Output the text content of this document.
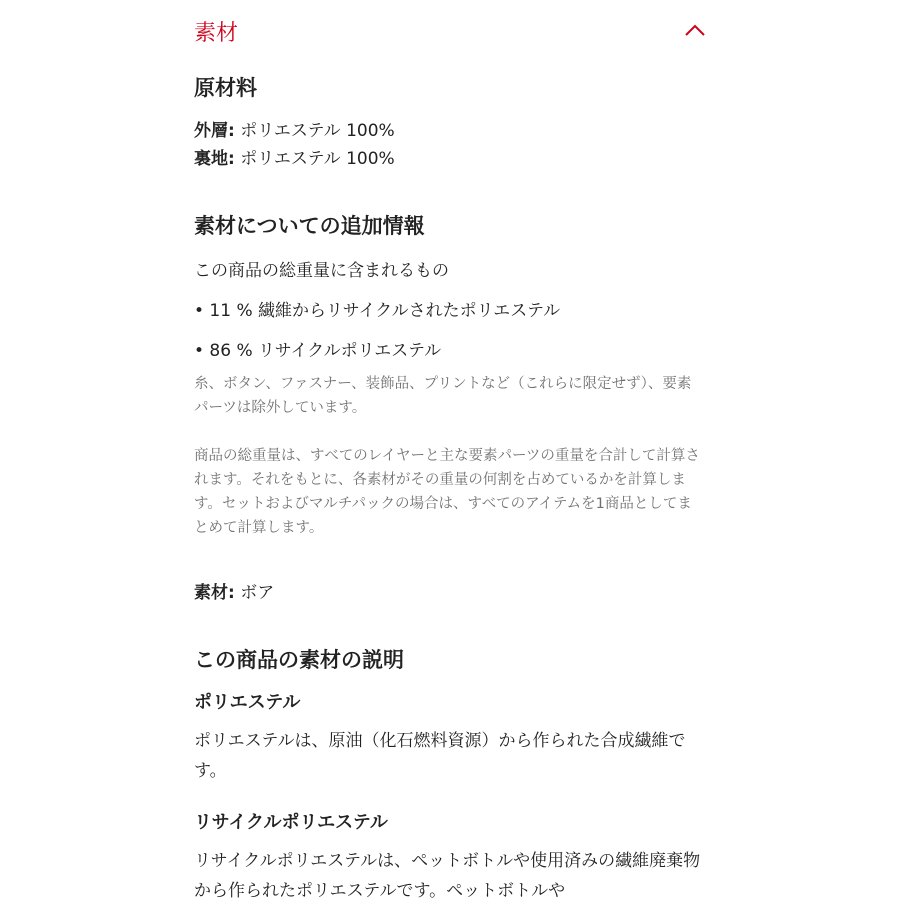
素材
原材料
外層: ポリエステル 100%
裏地: ポリエステル 100%
素材についての追加情報
この商品の総重量に含まれるもの
• 11 % 繊維からリサイクルされたポリエステル
• 86 % リサイクルポリエステル
糸、ボタン、ファスナー、装飾品、プリントなど（これらに限定せず）、要素パーツは除外しています。
商品の総重量は、すべてのレイヤーと主な要素パーツの重量を合計して計算されます。それをもとに、各素材がその重量の何割を占めているかを計算します。セットおよびマルチパックの場合は、すべてのアイテムを1商品としてまとめて計算します。
素材: ボア
この商品の素材の説明
ポリエステル
ポリエステルは、原油（化石燃料資源）から作られた合成繊維です。
リサイクルポリエステル
リサイクルポリエステルは、ペットボトルや使用済みの繊維廃棄物から作られたポリエステルです。ペットボトルや
